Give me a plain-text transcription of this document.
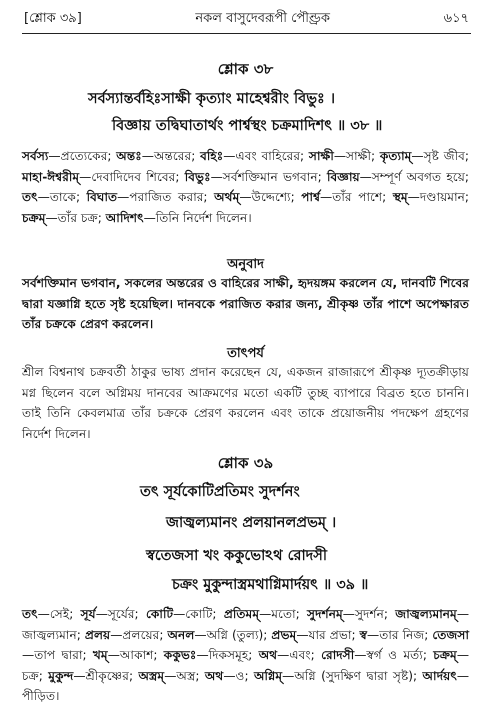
[শ্লোক ৩৯]	নকল বাসুদেবরূপী পৌণ্ড্রক	৬১৭
শ্লোক ৩৮
সর্বস্যান্তর্বহিঃসাক্ষী কৃত্যাং মাহেশ্বরীং বিভুঃ ।
বিজ্ঞায় তদ্বিঘাতার্থং পার্শ্বস্থং চক্রমাদিশৎ ॥ ৩৮ ॥

সর্বস্য—প্রত্যেকের; অন্তঃ—অন্তরের; বহিঃ—এবং বাহিরের; সাক্ষী—সাক্ষী; কৃত্যাম্—সৃষ্ট জীব; মাহা-ঈশ্বরীম্—দেবাদিদেব শিবের; বিভুঃ—সর্বশক্তিমান ভগবান; বিজ্ঞায়—সম্পূর্ণ অবগত হয়ে; তৎ—তাকে; বিঘাত—পরাজিত করার; অর্থম্—উদ্দেশ্যে; পার্শ্ব—তাঁর পাশে; স্থম্—দণ্ডায়মান; চক্রম্—তাঁর চক্র; আদিশৎ—তিনি নির্দেশ দিলেন।

অনুবাদ

সর্বশক্তিমান ভগবান, সকলের অন্তরের ও বাহিরের সাক্ষী, হৃদয়ঙ্গম করলেন যে, দানবটি শিবের দ্বারা যজ্ঞাগ্নি হতে সৃষ্ট হয়েছিল। দানবকে পরাজিত করার জন্য, শ্রীকৃষ্ণ তাঁর পাশে অপেক্ষারত তাঁর চক্রকে প্রেরণ করলেন।

তাৎপর্য

শ্রীল বিশ্বনাথ চক্রবর্তী ঠাকুর ভাষ্য প্রদান করেছেন যে, একজন রাজারূপে শ্রীকৃষ্ণ দ্যূতক্রীড়ায় মগ্ন ছিলেন বলে অগ্নিময় দানবের আক্রমণের মতো একটি তুচ্ছ ব্যাপারে বিব্রত হতে চাননি। তাই তিনি কেবলমাত্র তাঁর চক্রকে প্রেরণ করলেন এবং তাকে প্রয়োজনীয় পদক্ষেপ গ্রহণের নির্দেশ দিলেন।

শ্লোক ৩৯
তৎ সূর্যকোটিপ্রতিমং সুদর্শনং
জাজ্বল্যমানং প্রলয়ানলপ্রভম্ ।
স্বতেজসা খং ককুভোঽথ রোদসী
চক্রং মুকুন্দাস্ত্রমথাগ্নিমার্দয়ৎ ॥ ৩৯ ॥

তৎ—সেই; সূর্য—সূর্যের; কোটি—কোটি; প্রতিমম্—মতো; সুদর্শনম্—সুদর্শন; জাজ্বল্যমানম্—জাজ্বল্যমান; প্রলয়—প্রলয়ের; অনল—অগ্নি (তুল্য); প্রভম্—যার প্রভা; স্ব—তার নিজ; তেজসা—তাপ দ্বারা; খম্—আকাশ; ককুভঃ—দিকসমূহ; অথ—এবং; রোদসী—স্বর্গ ও মর্ত্য; চক্রম্—চক্র; মুকুন্দ—শ্রীকৃষ্ণের; অস্ত্রম্—অস্ত্র; অথ—ও; অগ্নিম্—অগ্নি (সুদক্ষিণ দ্বারা সৃষ্ট); আর্দয়ৎ—পীড়িত।
